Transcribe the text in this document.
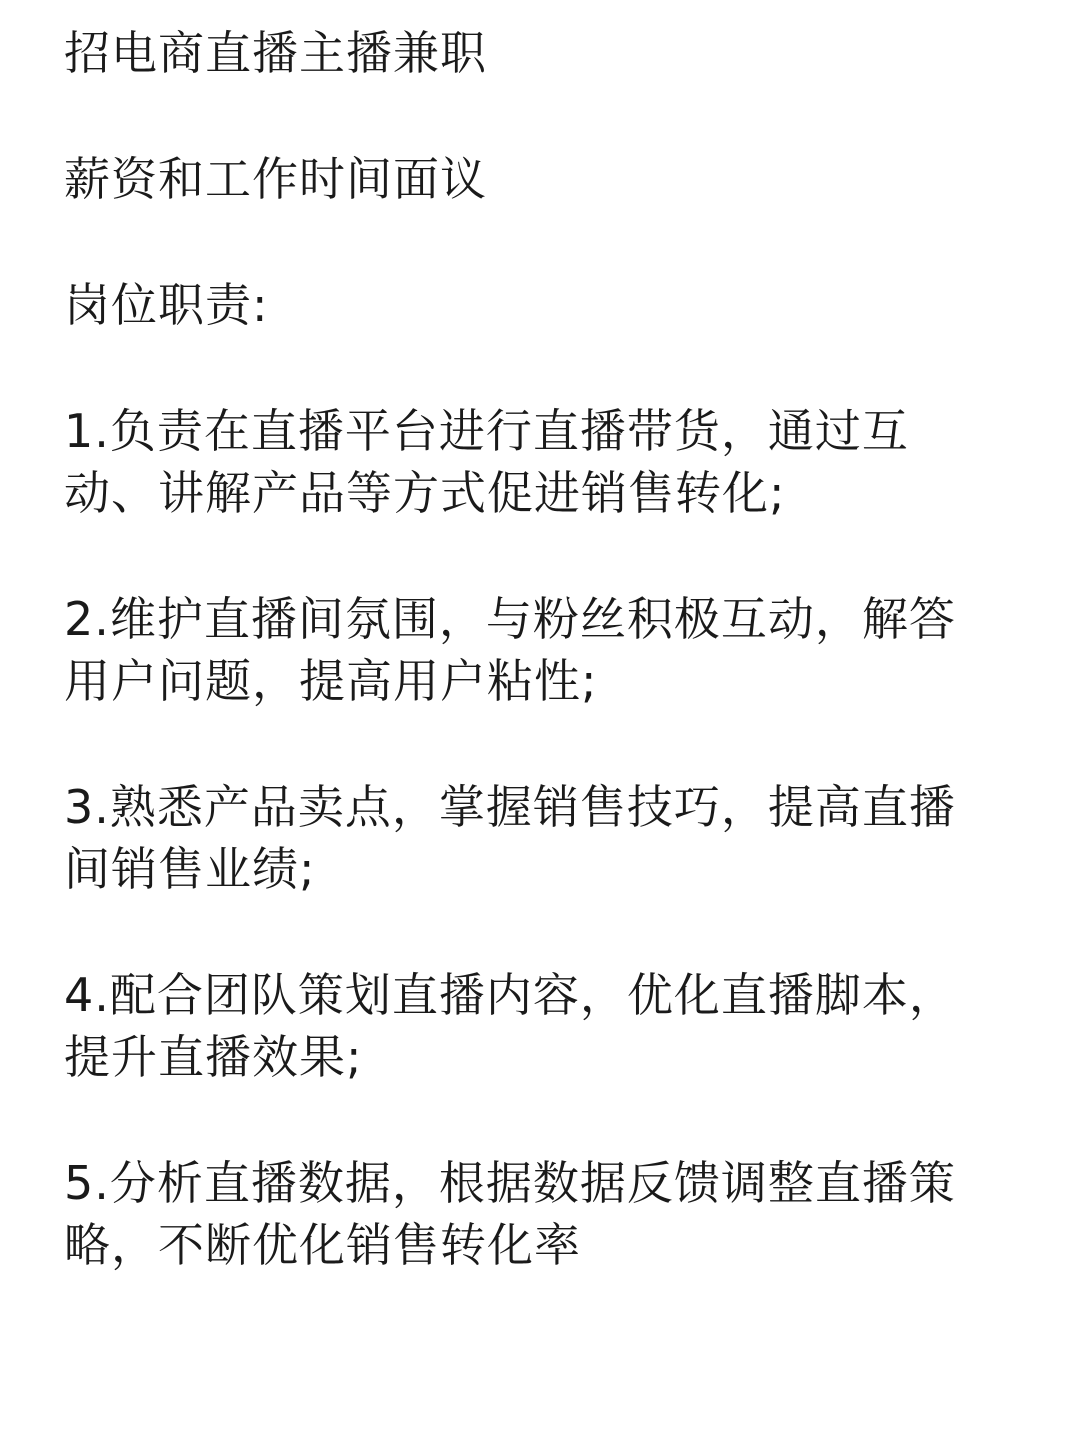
招电商直播主播兼职
薪资和工作时间面议
岗位职责:
1.负责在直播平台进行直播带货，通过互
动、讲解产品等方式促进销售转化;
2.维护直播间氛围，与粉丝积极互动，解答
用户问题，提高用户粘性;
3.熟悉产品卖点，掌握销售技巧，提高直播
间销售业绩;
4.配合团队策划直播内容，优化直播脚本，
提升直播效果;
5.分析直播数据，根据数据反馈调整直播策
略，不断优化销售转化率
